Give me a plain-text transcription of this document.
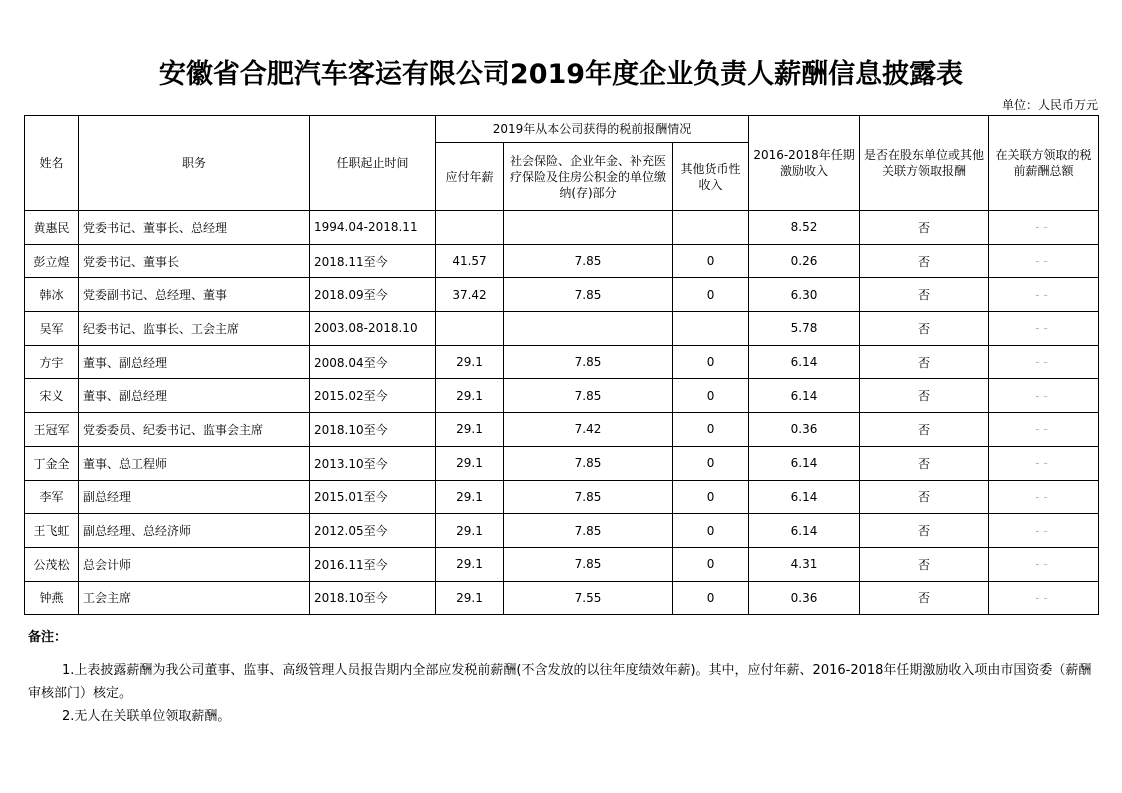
安徽省合肥汽车客运有限公司2019年度企业负责人薪酬信息披露表
单位：人民币万元
姓名	职务	任职起止时间	2019年从本公司获得的税前报酬情况			2016-2018年任期激励收入	是否在股东单位或其他关联方领取报酬	在关联方领取的税前薪酬总额
			应付年薪	社会保险、企业年金、补充医疗保险及住房公积金的单位缴纳(存)部分	其他货币性收入			
黄惠民	党委书记、董事长、总经理	1994.04-2018.11				8.52	否	--
彭立煌	党委书记、董事长	2018.11至今	41.57	7.85	0	0.26	否	--
韩冰	党委副书记、总经理、董事	2018.09至今	37.42	7.85	0	6.30	否	--
吴军	纪委书记、监事长、工会主席	2003.08-2018.10				5.78	否	--
方宇	董事、副总经理	2008.04至今	29.1	7.85	0	6.14	否	--
宋义	董事、副总经理	2015.02至今	29.1	7.85	0	6.14	否	--
王冠军	党委委员、纪委书记、监事会主席	2018.10至今	29.1	7.42	0	0.36	否	--
丁金全	董事、总工程师	2013.10至今	29.1	7.85	0	6.14	否	--
李军	副总经理	2015.01至今	29.1	7.85	0	6.14	否	--
王飞虹	副总经理、总经济师	2012.05至今	29.1	7.85	0	6.14	否	--
公茂松	总会计师	2016.11至今	29.1	7.85	0	4.31	否	--
钟燕	工会主席	2018.10至今	29.1	7.55	0	0.36	否	--
备注：
1.上表披露薪酬为我公司董事、监事、高级管理人员报告期内全部应发税前薪酬(不含发放的以往年度绩效年薪)。其中，应付年薪、2016-2018年任期激励收入项由市国资委（薪酬审核部门）核定。
2.无人在关联单位领取薪酬。
